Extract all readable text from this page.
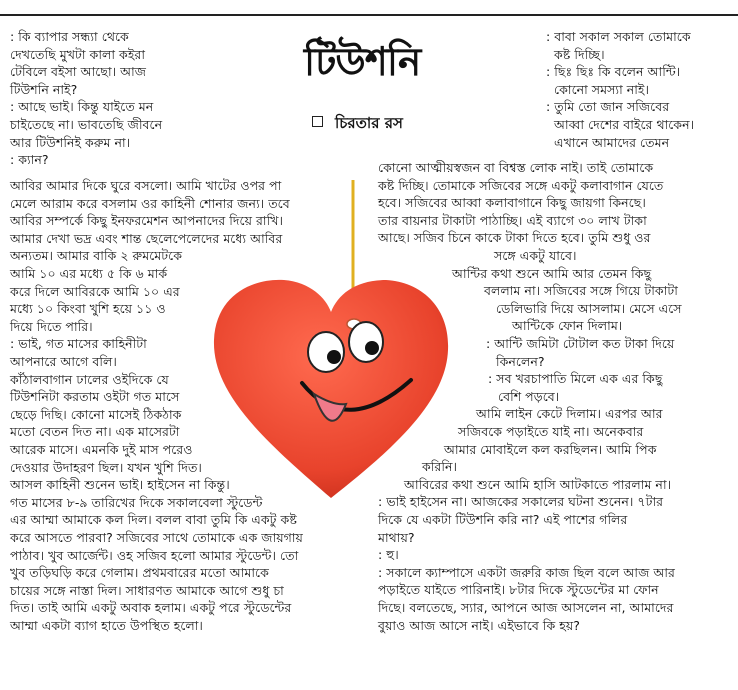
টিউশনি
চিরতার রস
: কি ব্যাপার সন্ধ্যা থেকে
দেখতেছি মুখটা কালা কইরা
টেবিলে বইসা আছো। আজ
টিউশনি নাই?
: আছে ভাই। কিন্তু যাইতে মন
চাইতেছে না। ভাবতেছি জীবনে
আর টিউশনিই করুম না।
: ক্যান?
: বাবা সকাল সকাল তোমাকে
কষ্ট দিচ্ছি।
: ছিঃ ছিঃ কি বলেন আন্টি।
কোনো সমস্যা নাই।
: তুমি তো জান সজিবের
আব্বা দেশের বাইরে থাকেন।
এখানে আমাদের তেমন
আবির আমার দিকে ঘুরে বসলো। আমি খাটের ওপর পা
মেলে আরাম করে বসলাম ওর কাহিনী শোনার জন্য। তবে
আবির সম্পর্কে কিছু ইনফরমেশন আপনাদের দিয়ে রাখি।
আমার দেখা ভদ্র এবং শান্ত ছেলেপেলেদের মধ্যে আবির
অন্যতম। আমার বাকি ২ রুমমেটকে
আমি ১০ এর মধ্যে ৫ কি ৬ মার্ক
করে দিলে আবিরকে আমি ১০ এর
মধ্যে ১০ কিংবা খুশি হয়ে ১১ ও
দিয়ে দিতে পারি।
: ভাই, গত মাসের কাহিনীটা
আপনারে আগে বলি।
কাঁঠালবাগান ঢালের ওইদিকে যে
টিউশনিটা করতাম ওইটা গত মাসে
ছেড়ে দিছি। কোনো মাসেই ঠিকঠাক
মতো বেতন দিত না। এক মাসেরটা
আরেক মাসে। এমনকি দুই মাস পরেও
দেওয়ার উদাহরণ ছিল। যখন খুশি দিত।
আসল কাহিনী শুনেন ভাই। হাইসেন না কিন্তু।
গত মাসের ৮-৯ তারিখের দিকে সকালবেলা স্টুডেন্ট
এর আম্মা আমাকে কল দিল। বলল বাবা তুমি কি একটু কষ্ট
করে আসতে পারবা? সজিবের সাথে তোমাকে এক জায়গায়
পাঠাব। খুব আর্জেন্ট। ওহ সজিব হলো আমার স্টুডেন্ট। তো
খুব তড়িঘড়ি করে গেলাম। প্রথমবারের মতো আমাকে
চায়ের সঙ্গে নাস্তা দিল। সাধারণত আমাকে আগে শুধু চা
দিত। তাই আমি একটু অবাক হলাম। একটু পরে স্টুডেন্টের
আম্মা একটা ব্যাগ হাতে উপস্থিত হলো।
কোনো আত্মীয়স্বজন বা বিশ্বস্ত লোক নাই। তাই তোমাকে
কষ্ট দিচ্ছি। তোমাকে সজিবের সঙ্গে একটু কলাবাগান যেতে
হবে। সজিবের আব্বা কলাবাগানে কিছু জায়গা কিনছে।
তার বায়নার টাকাটা পাঠাচ্ছি। এই ব্যাগে ৩০ লাখ টাকা
আছে। সজিব চিনে কাকে টাকা দিতে হবে। তুমি শুধু ওর
সঙ্গে একটু যাবে।
আন্টির কথা শুনে আমি আর তেমন কিছু
বললাম না। সজিবের সঙ্গে গিয়ে টাকাটা
ডেলিভারি দিয়ে আসলাম। মেসে এসে
আন্টিকে ফোন দিলাম।
: আন্টি জমিটা টোটাল কত টাকা দিয়ে
কিনলেন?
: সব খরচাপাতি মিলে এক এর কিছু
বেশি পড়বে।
আমি লাইন কেটে দিলাম। এরপর আর
সজিবকে পড়াইতে যাই না। অনেকবার
আমার মোবাইলে কল করছিলন। আমি পিক
করিনি।
আবিরের কথা শুনে আমি হাসি আটকাতে পারলাম না।
: ভাই হাইসেন না। আজকের সকালের ঘটনা শুনেন। ৭টার
দিকে যে একটা টিউশনি করি না? এই পাশের গলির
মাথায়?
: হু।
: সকালে ক্যাম্পাসে একটা জরুরি কাজ ছিল বলে আজ আর
পড়াইতে যাইতে পারিনাই। ৮টার দিকে স্টুডেন্টের মা ফোন
দিছে। বলতেছে, স্যার, আপনে আজ আসলেন না, আমাদের
বুয়াও আজ আসে নাই। এইভাবে কি হয়?
